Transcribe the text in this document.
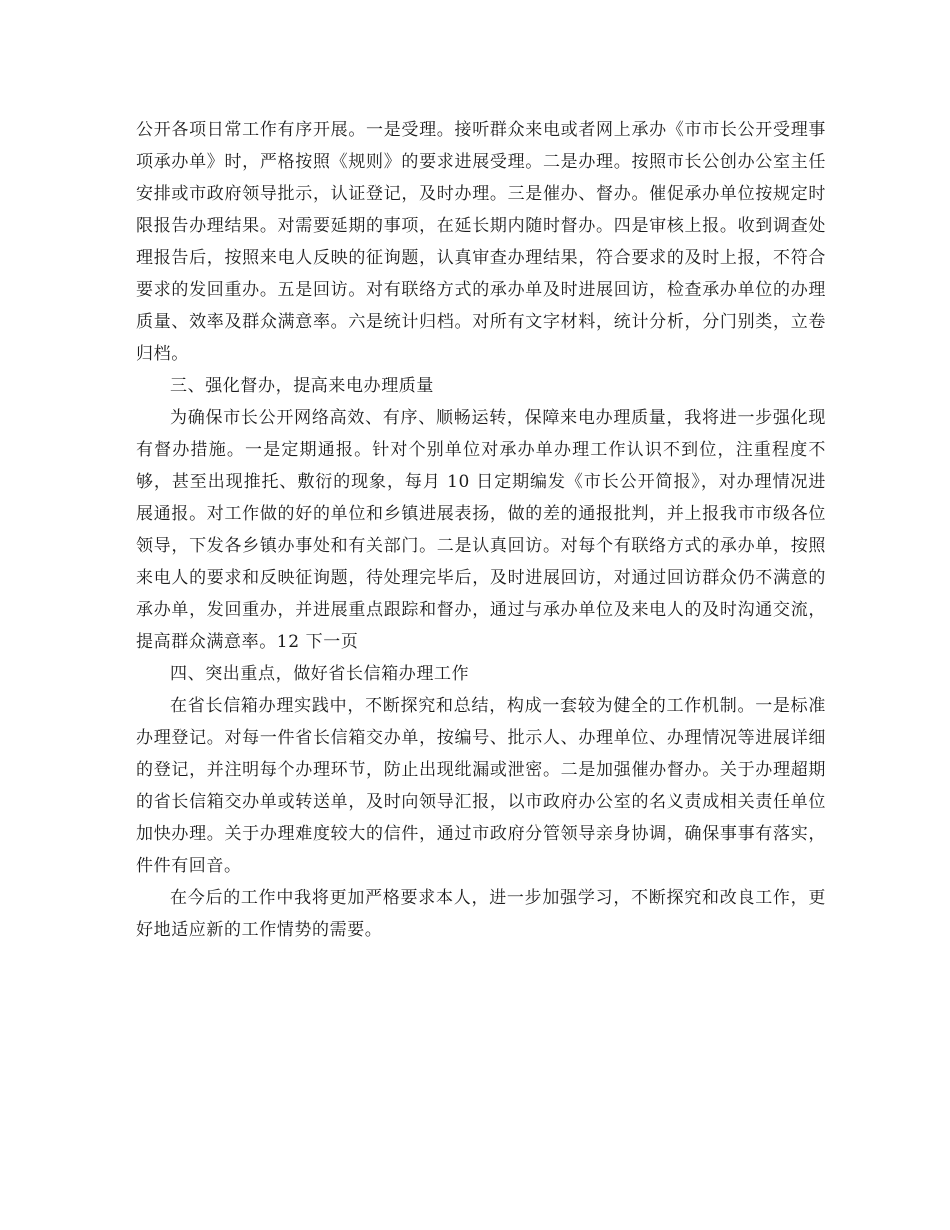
公开各项日常工作有序开展。一是受理。接听群众来电或者网上承办《市市长公开受理事项承办单》时，严格按照《规则》的要求进展受理。二是办理。按照市长公创办公室主任安排或市政府领导批示，认证登记，及时办理。三是催办、督办。催促承办单位按规定时限报告办理结果。对需要延期的事项，在延长期内随时督办。四是审核上报。收到调查处理报告后，按照来电人反映的征询题，认真审查办理结果，符合要求的及时上报，不符合要求的发回重办。五是回访。对有联络方式的承办单及时进展回访，检查承办单位的办理质量、效率及群众满意率。六是统计归档。对所有文字材料，统计分析，分门别类，立卷归档。

三、强化督办，提高来电办理质量

为确保市长公开网络高效、有序、顺畅运转，保障来电办理质量，我将进一步强化现有督办措施。一是定期通报。针对个别单位对承办单办理工作认识不到位，注重程度不够，甚至出现推托、敷衍的现象，每月 10 日定期编发《市长公开简报》，对办理情况进展通报。对工作做的好的单位和乡镇进展表扬，做的差的通报批判，并上报我市市级各位领导，下发各乡镇办事处和有关部门。二是认真回访。对每个有联络方式的承办单，按照来电人的要求和反映征询题，待处理完毕后，及时进展回访，对通过回访群众仍不满意的承办单，发回重办，并进展重点跟踪和督办，通过与承办单位及来电人的及时沟通交流，提高群众满意率。12 下一页

四、突出重点，做好省长信箱办理工作

在省长信箱办理实践中，不断探究和总结，构成一套较为健全的工作机制。一是标准办理登记。对每一件省长信箱交办单，按编号、批示人、办理单位、办理情况等进展详细的登记，并注明每个办理环节，防止出现纰漏或泄密。二是加强催办督办。关于办理超期的省长信箱交办单或转送单，及时向领导汇报，以市政府办公室的名义责成相关责任单位加快办理。关于办理难度较大的信件，通过市政府分管领导亲身协调，确保事事有落实，件件有回音。

在今后的工作中我将更加严格要求本人，进一步加强学习，不断探究和改良工作，更好地适应新的工作情势的需要。
